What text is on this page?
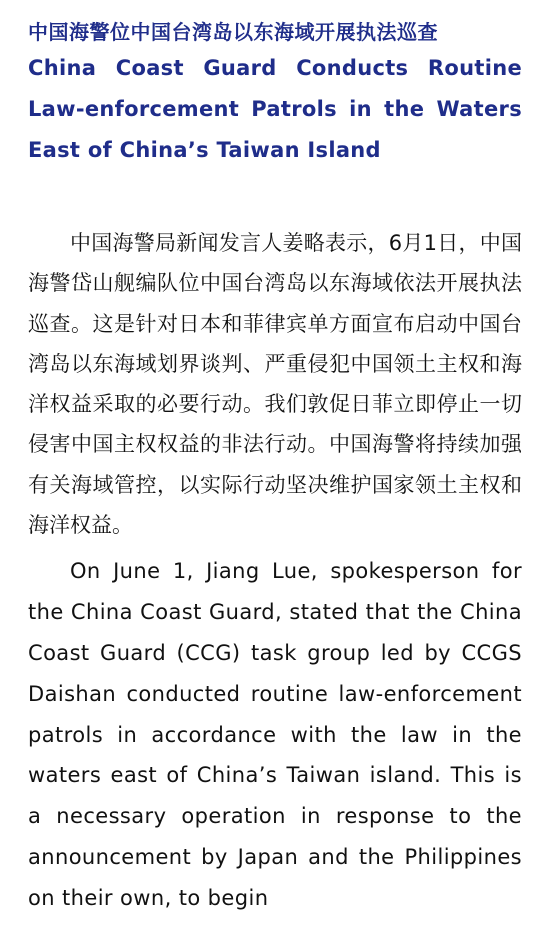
中国海警位中国台湾岛以东海域开展执法巡查
China Coast Guard Conducts Routine
Law-enforcement Patrols in the Waters
East of China’s Taiwan Island

中国海警局新闻发言人姜略表示，6月1日，中国海警岱山舰编队位中国台湾岛以东海域依法开展执法巡查。这是针对日本和菲律宾单方面宣布启动中国台湾岛以东海域划界谈判、严重侵犯中国领土主权和海洋权益采取的必要行动。我们敦促日菲立即停止一切侵害中国主权权益的非法行动。中国海警将持续加强有关海域管控，以实际行动坚决维护国家领土主权和海洋权益。

On June 1, Jiang Lue, spokesperson for the China Coast Guard, stated that the China Coast Guard (CCG) task group led by CCGS Daishan conducted routine law-enforcement patrols in accordance with the law in the waters east of China’s Taiwan island. This is a necessary operation in response to the announcement by Japan and the Philippines on their own, to begin
